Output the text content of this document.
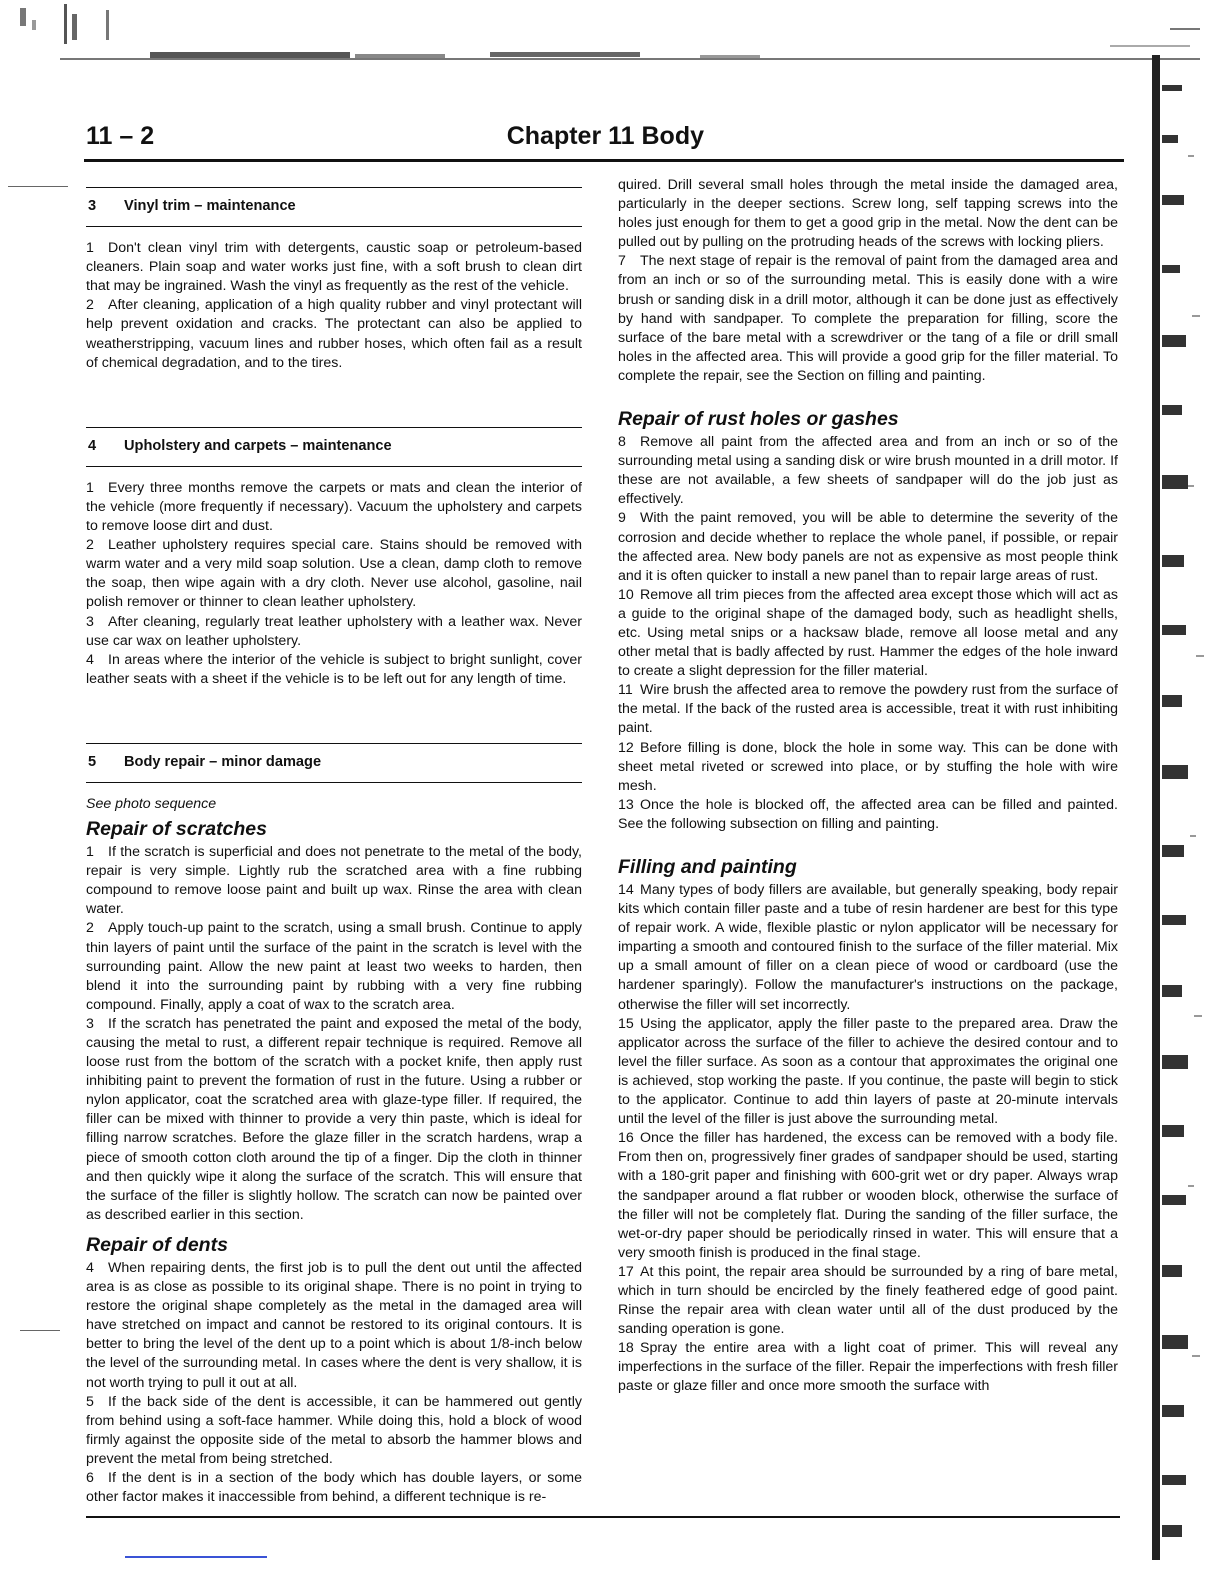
11 – 2	Chapter 11 Body
3 Vinyl trim – maintenance

1 Don't clean vinyl trim with detergents, caustic soap or petroleum-based cleaners. Plain soap and water works just fine, with a soft brush to clean dirt that may be ingrained. Wash the vinyl as frequently as the rest of the vehicle.

2 After cleaning, application of a high quality rubber and vinyl protectant will help prevent oxidation and cracks. The protectant can also be applied to weatherstripping, vacuum lines and rubber hoses, which often fail as a result of chemical degradation, and to the tires.

4 Upholstery and carpets – maintenance

1 Every three months remove the carpets or mats and clean the interior of the vehicle (more frequently if necessary). Vacuum the upholstery and carpets to remove loose dirt and dust.

2 Leather upholstery requires special care. Stains should be removed with warm water and a very mild soap solution. Use a clean, damp cloth to remove the soap, then wipe again with a dry cloth. Never use alcohol, gasoline, nail polish remover or thinner to clean leather upholstery.

3 After cleaning, regularly treat leather upholstery with a leather wax. Never use car wax on leather upholstery.

4 In areas where the interior of the vehicle is subject to bright sunlight, cover leather seats with a sheet if the vehicle is to be left out for any length of time.

5 Body repair – minor damage

See photo sequence

Repair of scratches

1 If the scratch is superficial and does not penetrate to the metal of the body, repair is very simple. Lightly rub the scratched area with a fine rubbing compound to remove loose paint and built up wax. Rinse the area with clean water.

2 Apply touch-up paint to the scratch, using a small brush. Continue to apply thin layers of paint until the surface of the paint in the scratch is level with the surrounding paint. Allow the new paint at least two weeks to harden, then blend it into the surrounding paint by rubbing with a very fine rubbing compound. Finally, apply a coat of wax to the scratch area.

3 If the scratch has penetrated the paint and exposed the metal of the body, causing the metal to rust, a different repair technique is required. Remove all loose rust from the bottom of the scratch with a pocket knife, then apply rust inhibiting paint to prevent the formation of rust in the future. Using a rubber or nylon applicator, coat the scratched area with glaze-type filler. If required, the filler can be mixed with thinner to provide a very thin paste, which is ideal for filling narrow scratches. Before the glaze filler in the scratch hardens, wrap a piece of smooth cotton cloth around the tip of a finger. Dip the cloth in thinner and then quickly wipe it along the surface of the scratch. This will ensure that the surface of the filler is slightly hollow. The scratch can now be painted over as described earlier in this section.

Repair of dents

4 When repairing dents, the first job is to pull the dent out until the affected area is as close as possible to its original shape. There is no point in trying to restore the original shape completely as the metal in the damaged area will have stretched on impact and cannot be restored to its original contours. It is better to bring the level of the dent up to a point which is about 1/8-inch below the level of the surrounding metal. In cases where the dent is very shallow, it is not worth trying to pull it out at all.

5 If the back side of the dent is accessible, it can be hammered out gently from behind using a soft-face hammer. While doing this, hold a block of wood firmly against the opposite side of the metal to absorb the hammer blows and prevent the metal from being stretched.

6 If the dent is in a section of the body which has double layers, or some other factor makes it inaccessible from behind, a different technique is re-

quired. Drill several small holes through the metal inside the damaged area, particularly in the deeper sections. Screw long, self tapping screws into the holes just enough for them to get a good grip in the metal. Now the dent can be pulled out by pulling on the protruding heads of the screws with locking pliers.

7 The next stage of repair is the removal of paint from the damaged area and from an inch or so of the surrounding metal. This is easily done with a wire brush or sanding disk in a drill motor, although it can be done just as effectively by hand with sandpaper. To complete the preparation for filling, score the surface of the bare metal with a screwdriver or the tang of a file or drill small holes in the affected area. This will provide a good grip for the filler material. To complete the repair, see the Section on filling and painting.

Repair of rust holes or gashes

8 Remove all paint from the affected area and from an inch or so of the surrounding metal using a sanding disk or wire brush mounted in a drill motor. If these are not available, a few sheets of sandpaper will do the job just as effectively.

9 With the paint removed, you will be able to determine the severity of the corrosion and decide whether to replace the whole panel, if possible, or repair the affected area. New body panels are not as expensive as most people think and it is often quicker to install a new panel than to repair large areas of rust.

10 Remove all trim pieces from the affected area except those which will act as a guide to the original shape of the damaged body, such as headlight shells, etc. Using metal snips or a hacksaw blade, remove all loose metal and any other metal that is badly affected by rust. Hammer the edges of the hole inward to create a slight depression for the filler material.

11 Wire brush the affected area to remove the powdery rust from the surface of the metal. If the back of the rusted area is accessible, treat it with rust inhibiting paint.

12 Before filling is done, block the hole in some way. This can be done with sheet metal riveted or screwed into place, or by stuffing the hole with wire mesh.

13 Once the hole is blocked off, the affected area can be filled and painted. See the following subsection on filling and painting.

Filling and painting

14 Many types of body fillers are available, but generally speaking, body repair kits which contain filler paste and a tube of resin hardener are best for this type of repair work. A wide, flexible plastic or nylon applicator will be necessary for imparting a smooth and contoured finish to the surface of the filler material. Mix up a small amount of filler on a clean piece of wood or cardboard (use the hardener sparingly). Follow the manufacturer's instructions on the package, otherwise the filler will set incorrectly.

15 Using the applicator, apply the filler paste to the prepared area. Draw the applicator across the surface of the filler to achieve the desired contour and to level the filler surface. As soon as a contour that approximates the original one is achieved, stop working the paste. If you continue, the paste will begin to stick to the applicator. Continue to add thin layers of paste at 20-minute intervals until the level of the filler is just above the surrounding metal.

16 Once the filler has hardened, the excess can be removed with a body file. From then on, progressively finer grades of sandpaper should be used, starting with a 180-grit paper and finishing with 600-grit wet or dry paper. Always wrap the sandpaper around a flat rubber or wooden block, otherwise the surface of the filler will not be completely flat. During the sanding of the filler surface, the wet-or-dry paper should be periodically rinsed in water. This will ensure that a very smooth finish is produced in the final stage.

17 At this point, the repair area should be surrounded by a ring of bare metal, which in turn should be encircled by the finely feathered edge of good paint. Rinse the repair area with clean water until all of the dust produced by the sanding operation is gone.

18 Spray the entire area with a light coat of primer. This will reveal any imperfections in the surface of the filler. Repair the imperfections with fresh filler paste or glaze filler and once more smooth the surface with
